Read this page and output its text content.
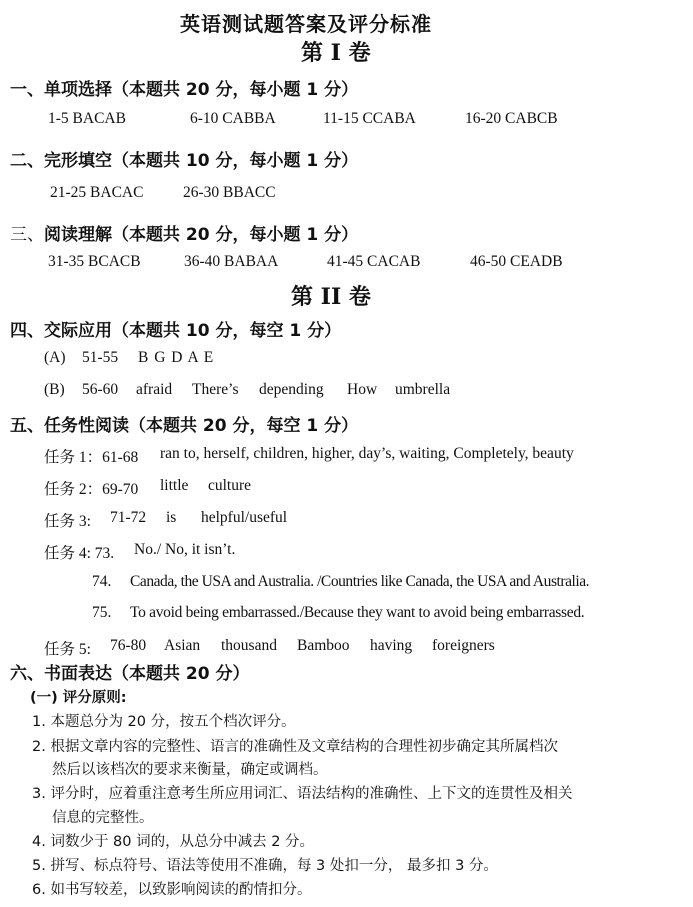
英语测试题答案及评分标准
第 I 卷
一、单项选择（本题共 20 分，每小题 1 分）
1-5 BACAB	6-10 CABBA	11-15 CCABA	16-20 CABCB
二、完形填空（本题共 10 分，每小题 1 分）
21-25 BACAC	26-30 BBACC
三、阅读理解（本题共 20 分，每小题 1 分）
31-35 BCACB	36-40 BABAA	41-45 CACAB	46-50 CEADB
第 II 卷
四、交际应用（本题共 10 分，每空 1 分）
(A) 51-55 B G D A E
(B) 56-60 afraid There’s depending How umbrella
五、任务性阅读（本题共 20 分，每空 1 分）
任务 1：61-68 ran to, herself, children, higher, day’s, waiting, Completely, beauty
任务 2：69-70 little culture
任务 3: 71-72 is helpful/useful
任务 4: 73. No./ No, it isn’t.
74. Canada, the USA and Australia. /Countries like Canada, the USA and Australia.
75. To avoid being embarrassed./Because they want to avoid being embarrassed.
任务 5: 76-80 Asian thousand Bamboo having foreigners
六、书面表达（本题共 20 分）
(一) 评分原则:
1. 本题总分为 20 分，按五个档次评分。
2. 根据文章内容的完整性、语言的准确性及文章结构的合理性初步确定其所属档次
然后以该档次的要求来衡量，确定或调档。
3. 评分时，应着重注意考生所应用词汇、语法结构的准确性、上下文的连贯性及相关
信息的完整性。
4. 词数少于 80 词的，从总分中减去 2 分。
5. 拼写、标点符号、语法等使用不准确，每 3 处扣一分， 最多扣 3 分。
6. 如书写较差，以致影响阅读的酌情扣分。
